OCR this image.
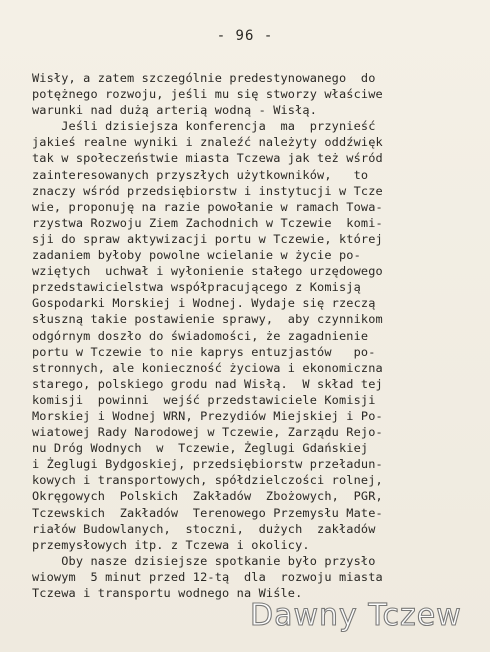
- 96 -
Wisły, a zatem szczególnie predestynowanego  do
potężnego rozwoju, jeśli mu się stworzy właściwe
warunki nad dużą arterią wodną - Wisłą.
Jeśli dzisiejsza konferencja  ma  przynieść
jakieś realne wyniki i znaleźć należyty oddźwięk
tak w społeczeństwie miasta Tczewa jak też wśród
zainteresowanych przyszłych użytkowników,   to
znaczy wśród przedsiębiorstw i instytucji w Tcze
wie, proponuję na razie powołanie w ramach Towa-
rzystwa Rozwoju Ziem Zachodnich w Tczewie  komi-
sji do spraw aktywizacji portu w Tczewie, której
zadaniem byłoby powolne wcielanie w życie po-
wziętych  uchwał i wyłonienie stałego urzędowego
przedstawicielstwa współpracującego z Komisją
Gospodarki Morskiej i Wodnej. Wydaje się rzeczą
słuszną takie postawienie sprawy,  aby czynnikom
odgórnym doszło do świadomości, że zagadnienie
portu w Tczewie to nie kaprys entuzjastów   po-
stronnych, ale konieczność życiowa i ekonomiczna
starego, polskiego grodu nad Wisłą.  W skład tej
komisji  powinni  wejść przedstawiciele Komisji
Morskiej i Wodnej WRN, Prezydiów Miejskiej i Po-
wiatowej Rady Narodowej w Tczewie, Zarządu Rejo-
nu Dróg Wodnych  w  Tczewie, Żeglugi Gdańskiej
i Żeglugi Bydgoskiej, przedsiębiorstw przeładun-
kowych i transportowych, spółdzielczości rolnej,
Okręgowych  Polskich  Zakładów  Zbożowych,  PGR,
Tczewskich  Zakładów  Terenowego Przemysłu Mate-
riałów Budowlanych,  stoczni,  dużych  zakładów
przemysłowych itp. z Tczewa i okolicy.
Oby nasze dzisiejsze spotkanie było przysło
wiowym  5 minut przed 12-tą  dla  rozwoju miasta
Tczewa i transportu wodnego na Wiśle.
Dawny Tczew
